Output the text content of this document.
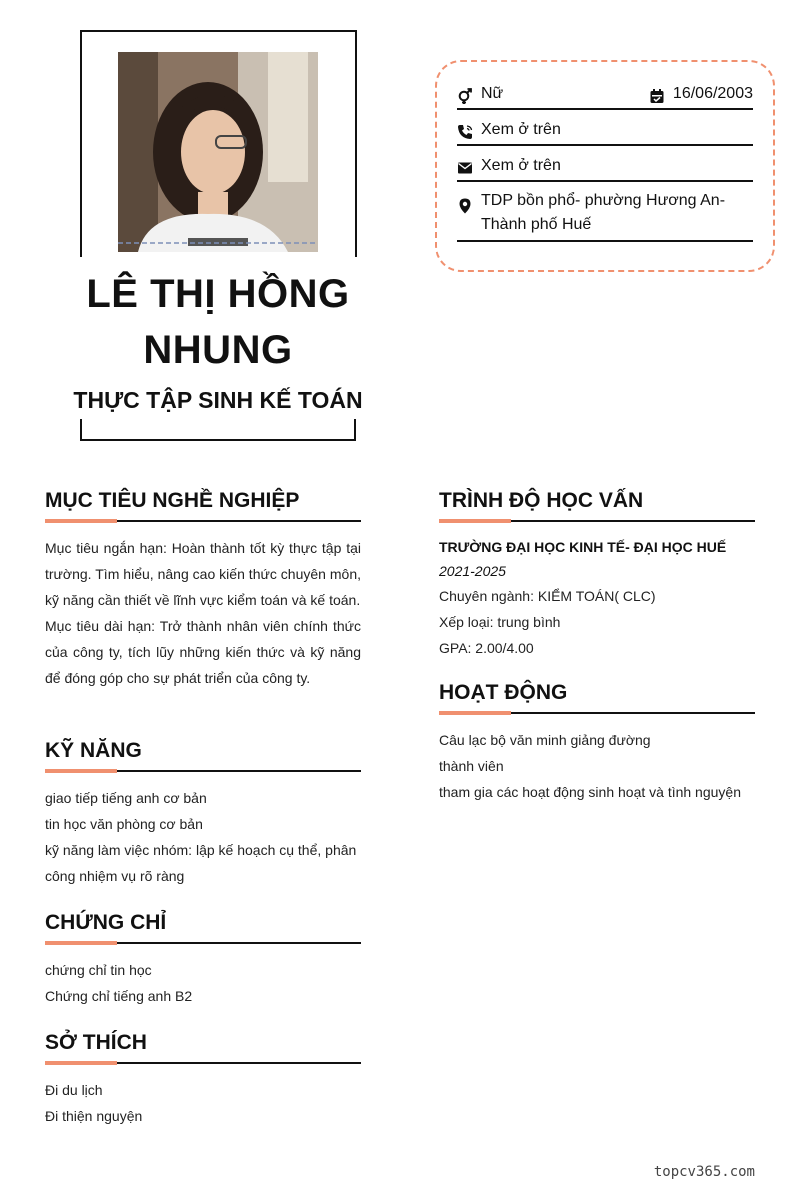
LÊ THỊ HỒNG
NHUNG
THỰC TẬP SINH KẾ TOÁN
Nữ	16/06/2003
Xem ở trên
Xem ở trên
TDP bồn phổ- phường Hương An-
Thành phố Huế
MỤC TIÊU NGHỀ NGHIỆP

Mục tiêu ngắn hạn: Hoàn thành tốt kỳ thực tập tại trường. Tìm hiểu, nâng cao kiến thức chuyên môn, kỹ năng cần thiết về lĩnh vực kiểm toán và kế toán.

Mục tiêu dài hạn: Trở thành nhân viên chính thức của công ty, tích lũy những kiến thức và kỹ năng để đóng góp cho sự phát triển của công ty.

KỸ NĂNG

giao tiếp tiếng anh cơ bản

tin học văn phòng cơ bản

kỹ năng làm việc nhóm: lập kế hoạch cụ thể, phân công nhiệm vụ rõ ràng

CHỨNG CHỈ

chứng chỉ tin học

Chứng chỉ tiếng anh B2

SỞ THÍCH

Đi du lịch

Đi thiện nguyện

TRÌNH ĐỘ HỌC VẤN
TRƯỜNG ĐẠI HỌC KINH TẾ- ĐẠI HỌC HUẾ
2021-2025

Chuyên ngành: KIỂM TOÁN( CLC)

Xếp loại: trung bình

GPA: 2.00/4.00

HOẠT ĐỘNG

Câu lạc bộ văn minh giảng đường

thành viên

tham gia các hoạt động sinh hoạt và tình nguyện

topcv365.com
